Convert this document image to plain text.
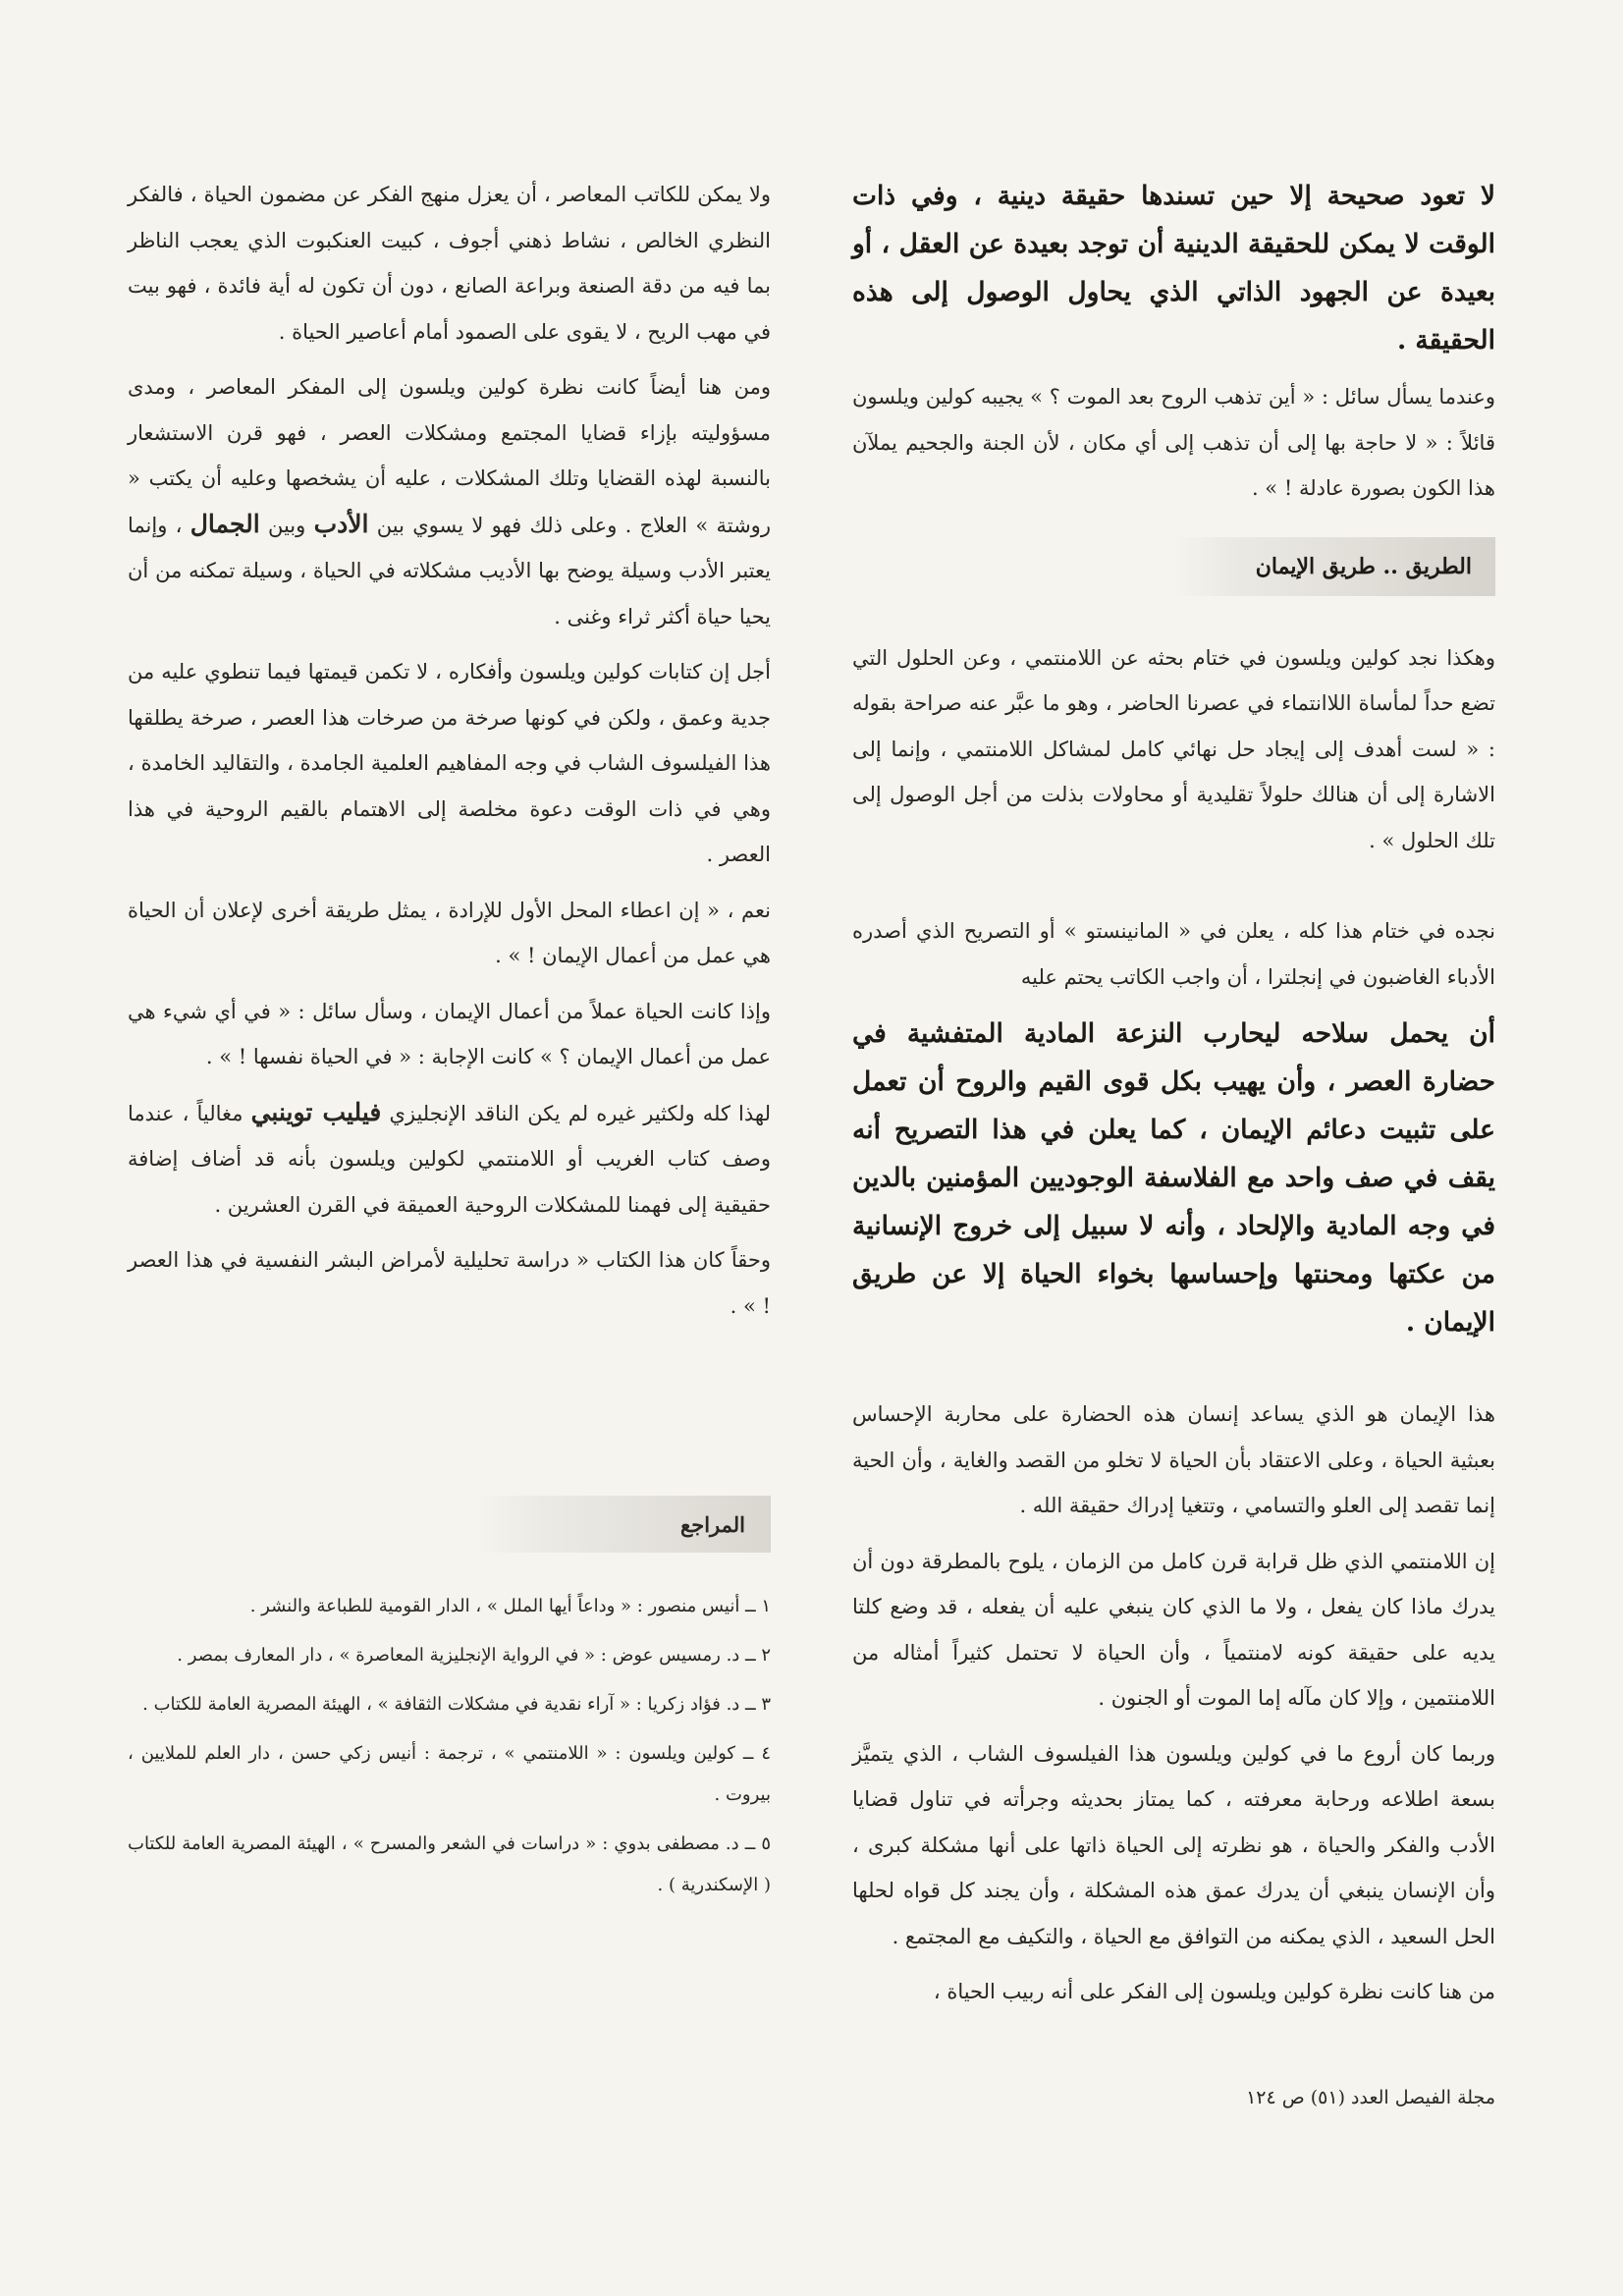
لا تعود صحيحة إلا حين تسندها حقيقة دينية ، وفي ذات الوقت لا يمكن للحقيقة الدينية أن توجد بعيدة عن العقل ، أو بعيدة عن الجهود الذاتي الذي يحاول الوصول إلى هذه الحقيقة .

وعندما يسأل سائل : « أين تذهب الروح بعد الموت ؟ » يجيبه كولين ويلسون قائلاً : « لا حاجة بها إلى أن تذهب إلى أي مكان ، لأن الجنة والجحيم يملآن هذا الكون بصورة عادلة ! » .

الطريق .. طريق الإيمان

وهكذا نجد كولين ويلسون في ختام بحثه عن اللامنتمي ، وعن الحلول التي تضع حداً لمأساة اللاانتماء في عصرنا الحاضر ، وهو ما عبَّر عنه صراحة بقوله : « لست أهدف إلى إيجاد حل نهائي كامل لمشاكل اللامنتمي ، وإنما إلى الاشارة إلى أن هنالك حلولاً تقليدية أو محاولات بذلت من أجل الوصول إلى تلك الحلول » .

نجده في ختام هذا كله ، يعلن في « المانينستو » أو التصريح الذي أصدره الأدباء الغاضبون في إنجلترا ، أن واجب الكاتب يحتم عليه

أن يحمل سلاحه ليحارب النزعة المادية المتفشية في حضارة العصر ، وأن يهيب بكل قوى القيم والروح أن تعمل على تثبيت دعائم الإيمان ، كما يعلن في هذا التصريح أنه يقف في صف واحد مع الفلاسفة الوجوديين المؤمنين بالدين في وجه المادية والإلحاد ، وأنه لا سبيل إلى خروج الإنسانية من عكتها ومحنتها وإحساسها بخواء الحياة إلا عن طريق الإيمان .

هذا الإيمان هو الذي يساعد إنسان هذه الحضارة على محاربة الإحساس بعبثية الحياة ، وعلى الاعتقاد بأن الحياة لا تخلو من القصد والغاية ، وأن الحية إنما تقصد إلى العلو والتسامي ، وتتغيا إدراك حقيقة الله .

إن اللامنتمي الذي ظل قرابة قرن كامل من الزمان ، يلوح بالمطرقة دون أن يدرك ماذا كان يفعل ، ولا ما الذي كان ينبغي عليه أن يفعله ، قد وضع كلتا يديه على حقيقة كونه لامنتمياً ، وأن الحياة لا تحتمل كثيراً أمثاله من اللامنتمين ، وإلا كان مآله إما الموت أو الجنون .

وربما كان أروع ما في كولين ويلسون هذا الفيلسوف الشاب ، الذي يتميَّز بسعة اطلاعه ورحابة معرفته ، كما يمتاز بحديثه وجرأته في تناول قضايا الأدب والفكر والحياة ، هو نظرته إلى الحياة ذاتها على أنها مشكلة كبرى ، وأن الإنسان ينبغي أن يدرك عمق هذه المشكلة ، وأن يجند كل قواه لحلها الحل السعيد ، الذي يمكنه من التوافق مع الحياة ، والتكيف مع المجتمع .

من هنا كانت نظرة كولين ويلسون إلى الفكر على أنه ربيب الحياة ،

ولا يمكن للكاتب المعاصر ، أن يعزل منهج الفكر عن مضمون الحياة ، فالفكر النظري الخالص ، نشاط ذهني أجوف ، كبيت العنكبوت الذي يعجب الناظر بما فيه من دقة الصنعة وبراعة الصانع ، دون أن تكون له أية فائدة ، فهو بيت في مهب الريح ، لا يقوى على الصمود أمام أعاصير الحياة .

ومن هنا أيضاً كانت نظرة كولين ويلسون إلى المفكر المعاصر ، ومدى مسؤوليته بإزاء قضايا المجتمع ومشكلات العصر ، فهو قرن الاستشعار بالنسبة لهذه القضايا وتلك المشكلات ، عليه أن يشخصها وعليه أن يكتب « روشتة » العلاج . وعلى ذلك فهو لا يسوي بين الأدب وبين الجمال ، وإنما يعتبر الأدب وسيلة يوضح بها الأديب مشكلاته في الحياة ، وسيلة تمكنه من أن يحيا حياة أكثر ثراء وغنى .

أجل إن كتابات كولين ويلسون وأفكاره ، لا تكمن قيمتها فيما تنطوي عليه من جدية وعمق ، ولكن في كونها صرخة من صرخات هذا العصر ، صرخة يطلقها هذا الفيلسوف الشاب في وجه المفاهيم العلمية الجامدة ، والتقاليد الخامدة ، وهي في ذات الوقت دعوة مخلصة إلى الاهتمام بالقيم الروحية في هذا العصر .

نعم ، « إن اعطاء المحل الأول للإرادة ، يمثل طريقة أخرى لإعلان أن الحياة هي عمل من أعمال الإيمان ! » .

وإذا كانت الحياة عملاً من أعمال الإيمان ، وسأل سائل : « في أي شيء هي عمل من أعمال الإيمان ؟ » كانت الإجابة : « في الحياة نفسها ! » .

لهذا كله ولكثير غيره لم يكن الناقد الإنجليزي فيليب توينبي مغالياً ، عندما وصف كتاب الغريب أو اللامنتمي لكولين ويلسون بأنه قد أضاف إضافة حقيقية إلى فهمنا للمشكلات الروحية العميقة في القرن العشرين .

وحقاً كان هذا الكتاب « دراسة تحليلية لأمراض البشر النفسية في هذا العصر ! » .

المراجع

١ ــ أنيس منصور : « وداعاً أيها الملل » ، الدار القومية للطباعة والنشر .

٢ ــ د. رمسيس عوض : « في الرواية الإنجليزية المعاصرة » ، دار المعارف بمصر .

٣ ــ د. فؤاد زكريا : « آراء نقدية في مشكلات الثقافة » ، الهيئة المصرية العامة للكتاب .

٤ ــ كولين ويلسون : « اللامنتمي » ، ترجمة : أنيس زكي حسن ، دار العلم للملايين ، بيروت .

٥ ــ د. مصطفى بدوي : « دراسات في الشعر والمسرح » ، الهيئة المصرية العامة للكتاب ( الإسكندرية ) .

مجلة الفيصل العدد (٥١) ص ١٢٤
